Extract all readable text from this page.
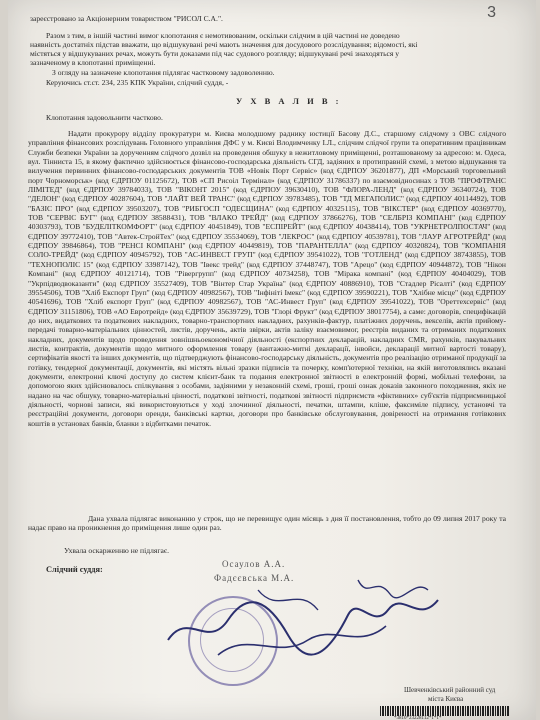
3
зареєстровано за Акціонерним товариством "РИСОЛ С.А.".
Разом з тим, в іншій частині вимог клопотання є немотивованим, оскільки слідчим в цій частині не доведено
наявність достатніх підстав вважати, що відшукувані речі мають значення для досудового розслідування; відомості, які
містяться у відшукуваних речах, можуть бути доказами під час судового розгляду; відшукувані речі знаходяться у
зазначеному в клопотанні приміщенні.
З огляду на зазначене клопотання підлягає частковому задоволенню.
Керуючись ст.ст. 234, 235 КПК України, слідчий суддя, -
У Х В А Л И В :
Клопотання задовольнити частково.
Надати прокурору відділу прокуратури м. Києва молодшому раднику юстиції Басову Д.С., старшому слідчому з ОВС слідчого управління фінансових розслідувань Головного управління ДФС у м. Києві Влодимченку І.Л., слідчим слідчої групи та оперативним працівникам Служби безпеки України за дорученням слідчого дозвіл на проведення обшуку в нежитловому приміщенні, розташованому за адресою: м. Одеса, вул. Тінниста 15, в якому фактично здійснюється фінансово-господарська діяльність СГД, задіяних в протиправній схемі, з метою відшукання та вилучення первинних фінансово-господарських документів ТОВ «Новік Порт Сервіс» (код ЄДРПОУ 36201877), ДП «Морський торговельний порт Чорноморськ» (код ЄДРПОУ 01125672), ТОВ «СП Рисоіл Термінал» (код ЄДРПОУ 31786337) по взаємовідносинах з ТОВ "ПРОФТРАНС ЛІМІТЕД" (код ЄДРПОУ 39784033), ТОВ "ВІКОНТ 2015" (код ЄДРПОУ 39630410), ТОВ "ФЛОРА-ЛЕНД" (код ЄДРПОУ 36340724), ТОВ "ДЕЛОН" (код ЄДРПОУ 40287604), ТОВ "ЛАЙТ ВЕЙ ТРАНС" (код ЄДРПОУ 39783485), ТОВ "ТД МЕГАПОЛИС" (код ЄДРПОУ 40114492), ТОВ "БАЗІС ПРО" (код ЄДРПОУ 39503207), ТОВ "РИБГОСП "ОДЕСЩИНА" (код ЄДРПОУ 40325115), ТОВ "ВІКСТЕР" (код ЄДРПОУ 40369770), ТОВ "СЕРВІС БУГ" (код ЄДРПОУ 38588431), ТОВ "ВЛАКО ТРЕЙД" (код ЄДРПОУ 37866276), ТОВ "СЕЛБРІЗ КОМПАНІ" (код ЄДРПОУ 40303793), ТОВ "БУДЕЛІТКОМФОРТ" (код ЄДРПОУ 40451849), ТОВ "ЕСПІРЕЙТ" (код ЄДРПОУ 40438414), ТОВ "УКРНЕТРОЛПОСТАЧ" (код ЄДРПОУ 39772410), ТОВ "Автек-СтройТех" (код ЄДРПОУ 35534069), ТОВ "ЛЕКРОС" (код ЄДРПОУ 40539781), ТОВ "ЛАУР АГРОТРЕЙД" (код ЄДРПОУ 39846864), ТОВ "РЕНСІ КОМПАНІ" (код ЄДРПОУ 40449819), ТОВ "ПАРАНТЕЛЛА" (код ЄДРПОУ 40320824), ТОВ "КОМПАНІЯ СОЛО-ТРЕЙД" (код ЄДРПОУ 40945792), ТОВ "АС-ИНВЕСТ ГРУП" (код ЄДРПОУ 39541022), ТОВ "ГОТЛЕНД" (код ЄДРПОУ 38743855), ТОВ "ТЕХНОПОЛІС 15" (код ЄДРПОУ 33987142), ТОВ "Івекс трейд" (код ЄДРПОУ 37448747), ТОВ "Арецо" (код ЄДРПОУ 40944872), ТОВ "Нікон Компані" (код ЄДРПОУ 40121714), ТОВ "Рівергрупп" (код ЄДРПОУ 40734258), ТОВ "Мірака компані" (код ЄДРПОУ 40404029), ТОВ "Укрпідводвоказанти" (код ЄДРПОУ 35527409), ТОВ "Вінтер Стар Україна" (код ЄДРПОУ 40886910), ТОВ "Стадлер Рісалті" (код ЄДРПОУ 39554506), ТОВ "Хліб Експорт Груп" (код ЄДРПОУ 40982567), ТОВ "Інфініті Імекс" (код ЄДРПОУ 39590221), ТОВ "Хлібне місце" (код ЄДРПОУ 40541696), ТОВ "Хліб експорт Груп" (код ЄДРПОУ 40982567), ТОВ "АС-Инвест Груп" (код ЄДРПОУ 39541022), ТОВ "Ореттехсервіс" (код ЄДРПОУ 31151806), ТОВ «АО Евротрейд» (код ЄДРПОУ 35639729), ТОВ "Глорі Фрукт" (код ЄДРПОУ 38017754), а саме: договорів, специфікацій до них, видаткових та податкових накладних, товарно-транспортних накладних, рахунків-фактур, платіжних доручень, векселів, актів прийому-передачі товарно-матеріальних цінностей, листів, доручень, актів звірки, актів заліку взаємовимог, реєстрів виданих та отриманих податкових накладних, документів щодо проведення зовнішньоекономічної діяльності (експортних декларацій, накладних СМR, рахунків, пакувальних листів, контрактів, документів щодо митного оформлення товару (вантажно-митні декларації, інвойси, декларації митної вартості товару), сертифікатів якості та інших документів, що підтверджують фінансово-господарську діяльність, документів про реалізацію отриманої продукції за готівку, тендерної документації, документів, які містять вільні зразки підписів та почерку, комп'ютерної техніки, на якій виготовлялись вказані документи, електронні ключі доступу до систем клієнт-банк та подання електронної звітності в електронній формі, мобільні телефони, за допомогою яких здійснювалось спілкування з особами, задіяними у незаконній схемі, гроші, гроші ознак доказів законного походження, якіх не надано на час обшуку, товарно-матеріальні цінності, податкові звітності, податкові звітності підприємств «фіктивних» суб'єктів підприємницької діяльності, чорнові записи, які використовуються у ході злочинної діяльності, печатки, штампи, кліше, факсиміле підпису, установчі та реєстраційні документи, договори оренди, банківські картки, договори про банківське обслуговування, довіреності на отримання готівкових коштів в установах банків, бланки з відбитками печаток.
Дана ухвала підлягає виконанню у строк, що не перевищує один місяць з дня її постановлення, тобто до 09 липня 2017 року та надає право на проникнення до приміщення лише один раз.
Ухвала оскарженню не підлягає.
Слідчий суддя:
Осаулов А.А.
Фадєєвська М.А.
Шевченківський районний суд
міста Києва
*3810*23228112*1*1*
